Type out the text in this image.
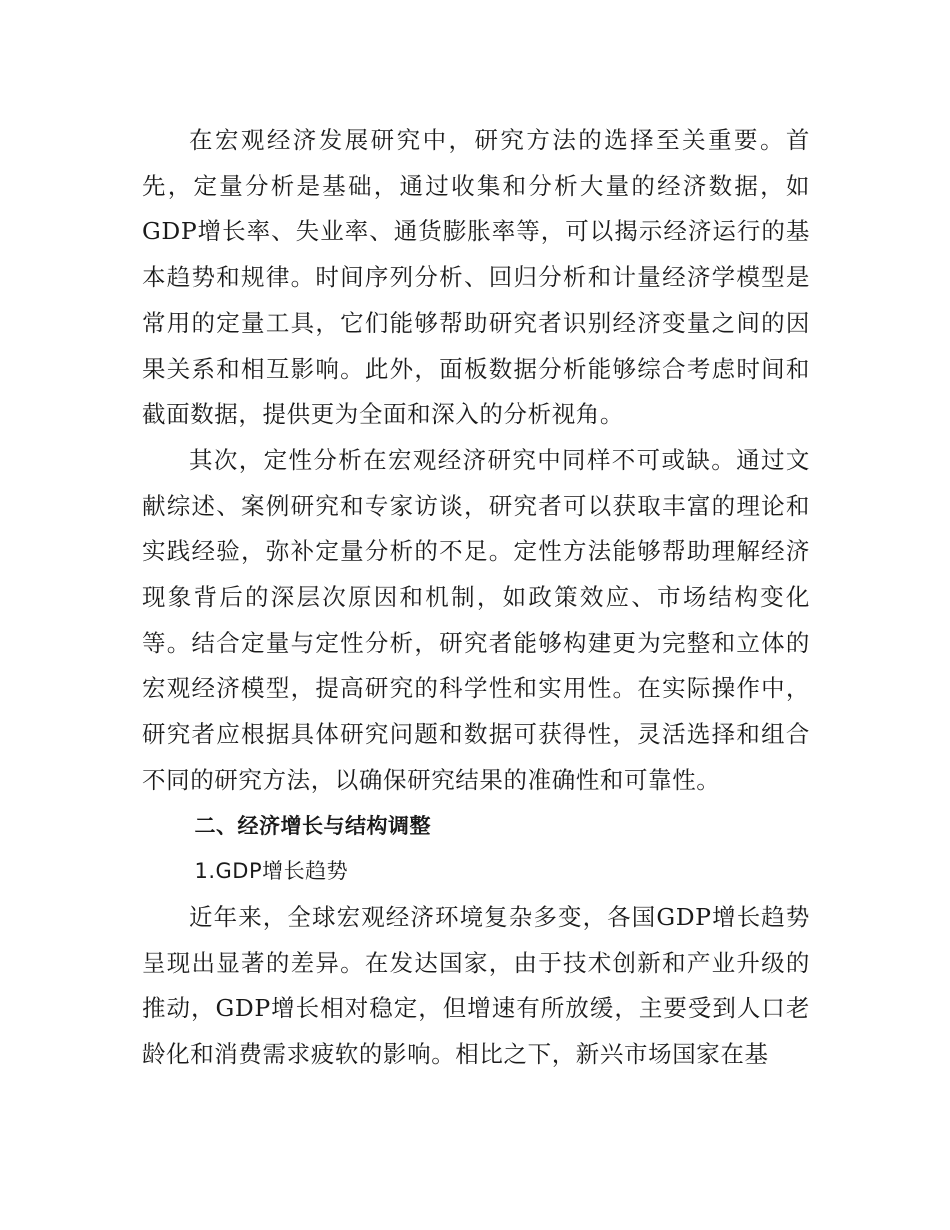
在宏观经济发展研究中，研究方法的选择至关重要。首先，定量分析是基础，通过收集和分析大量的经济数据，如GDP增长率、失业率、通货膨胀率等，可以揭示经济运行的基本趋势和规律。时间序列分析、回归分析和计量经济学模型是常用的定量工具，它们能够帮助研究者识别经济变量之间的因果关系和相互影响。此外，面板数据分析能够综合考虑时间和截面数据，提供更为全面和深入的分析视角。

其次，定性分析在宏观经济研究中同样不可或缺。通过文献综述、案例研究和专家访谈，研究者可以获取丰富的理论和实践经验，弥补定量分析的不足。定性方法能够帮助理解经济现象背后的深层次原因和机制，如政策效应、市场结构变化等。结合定量与定性分析，研究者能够构建更为完整和立体的宏观经济模型，提高研究的科学性和实用性。在实际操作中，研究者应根据具体研究问题和数据可获得性，灵活选择和组合不同的研究方法，以确保研究结果的准确性和可靠性。

二、经济增长与结构调整

1.GDP增长趋势

近年来，全球宏观经济环境复杂多变，各国GDP增长趋势呈现出显著的差异。在发达国家，由于技术创新和产业升级的推动，GDP增长相对稳定，但增速有所放缓，主要受到人口老龄化和消费需求疲软的影响。相比之下，新兴市场国家在基
